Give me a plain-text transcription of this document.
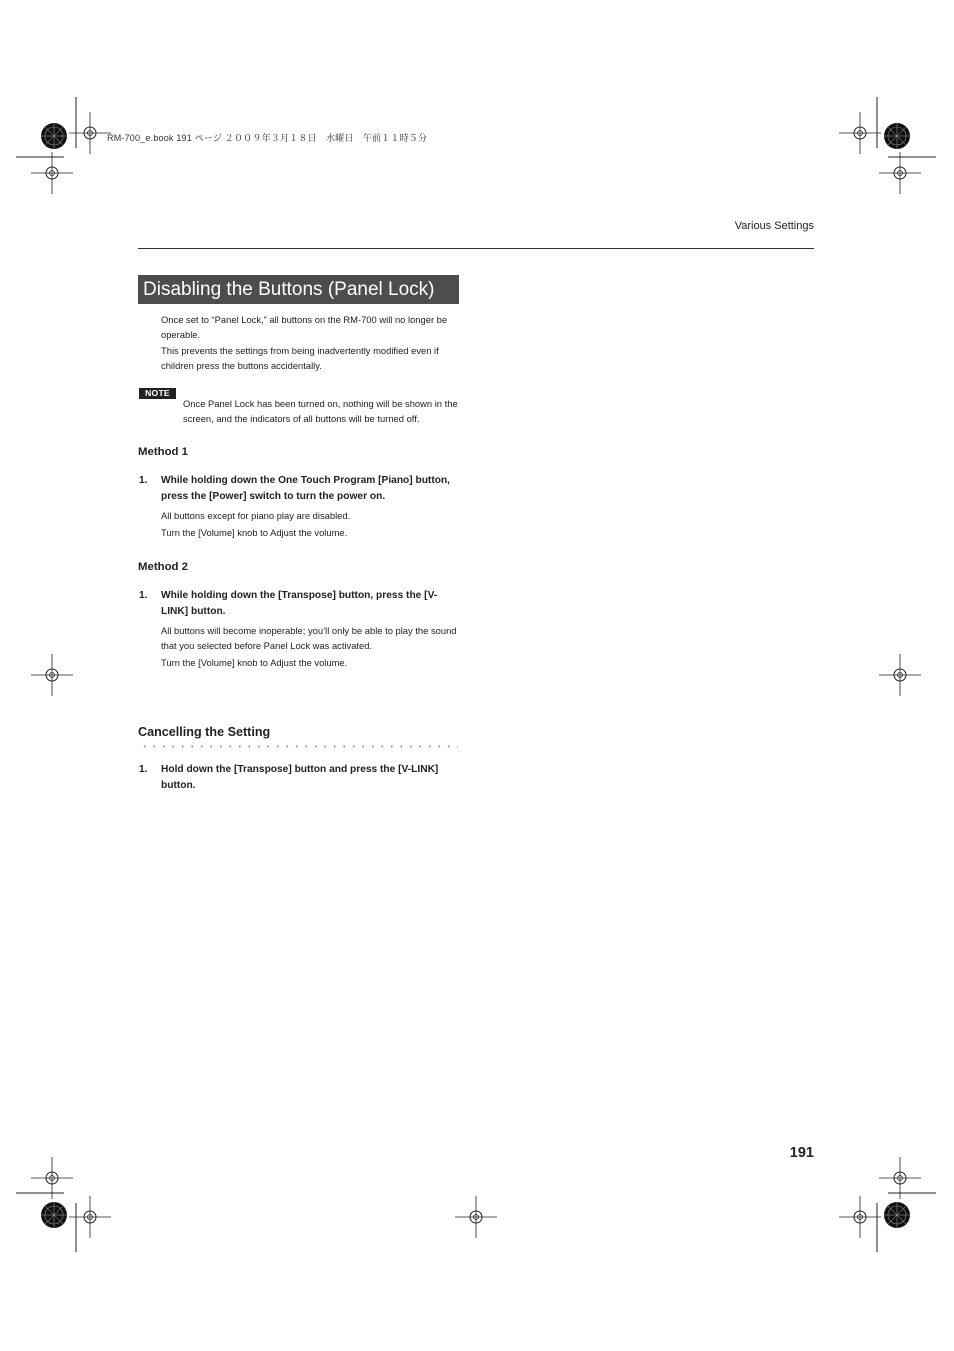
RM-700_e.book 191 ページ ２００９年３月１８日　水曜日　午前１１時５分
Various Settings
Disabling the Buttons (Panel Lock)
Once set to “Panel Lock,” all buttons on the RM-700 will no longer be operable.
This prevents the settings from being inadvertently modified even if children press the buttons accidentally.
NOTE
Once Panel Lock has been turned on, nothing will be shown in the screen, and the indicators of all buttons will be turned off.
Method 1
1. While holding down the One Touch Program [Piano] button, press the [Power] switch to turn the power on.
All buttons except for piano play are disabled.
Turn the [Volume] knob to Adjust the volume.
Method 2
1. While holding down the [Transpose] button, press the [V-LINK] button.
All buttons will become inoperable; you’ll only be able to play the sound that you selected before Panel Lock was activated.
Turn the [Volume] knob to Adjust the volume.
Cancelling the Setting
1. Hold down the [Transpose] button and press the [V-LINK] button.
191
